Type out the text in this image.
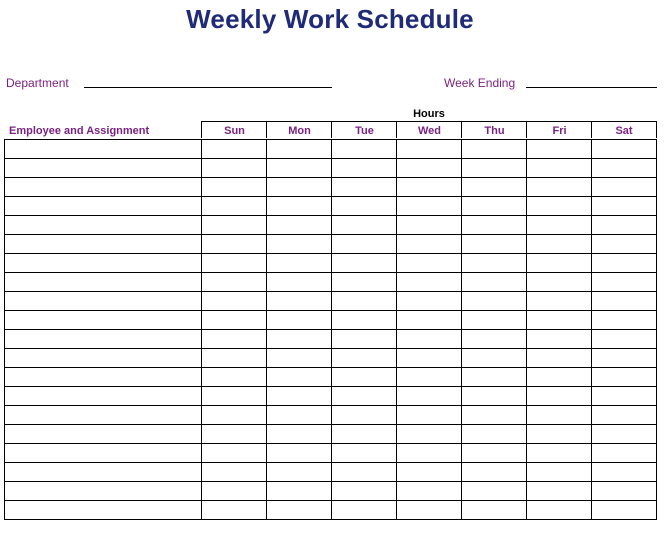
Weekly Work Schedule
Department	Week Ending
Hours
Employee and Assignment	Sun	Mon	Tue	Wed	Thu	Fri	Sat
